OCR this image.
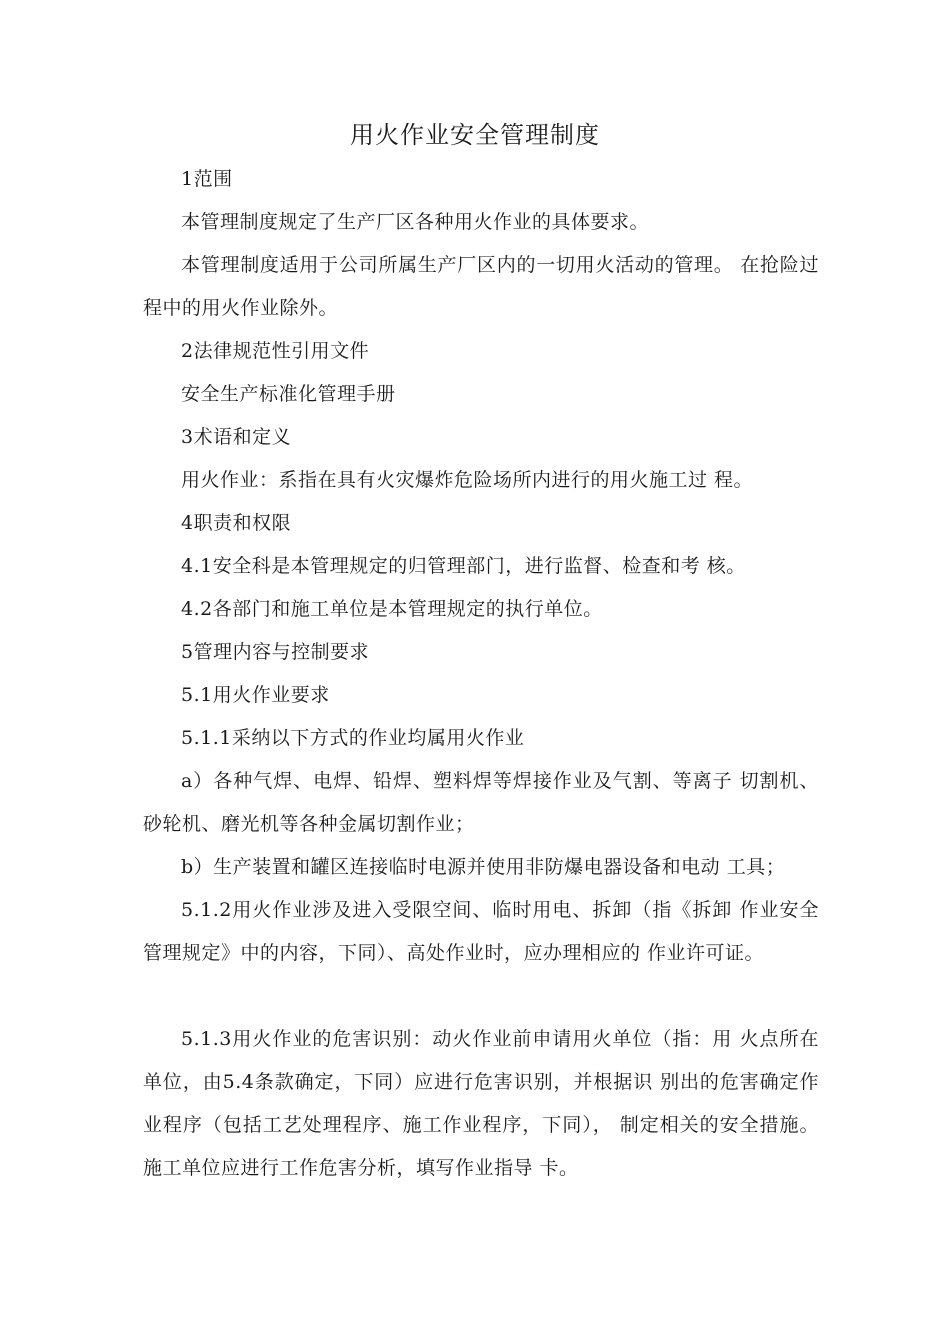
用火作业安全管理制度

1范围

本管理制度规定了生产厂区各种用火作业的具体要求。

本管理制度适用于公司所属生产厂区内的一切用火活动的管理。 在抢险过程中的用火作业除外。

2法律规范性引用文件

安全生产标准化管理手册

3术语和定义

用火作业：系指在具有火灾爆炸危险场所内进行的用火施工过 程。

4职责和权限

4.1安全科是本管理规定的归管理部门，进行监督、检查和考 核。

4.2各部门和施工单位是本管理规定的执行单位。

5管理内容与控制要求

5.1用火作业要求

5.1.1采纳以下方式的作业均属用火作业

a）各种气焊、电焊、铅焊、塑料焊等焊接作业及气割、等离子 切割机、砂轮机、磨光机等各种金属切割作业；

b）生产装置和罐区连接临时电源并使用非防爆电器设备和电动 工具；

5.1.2用火作业涉及进入受限空间、临时用电、拆卸（指《拆卸 作业安全管理规定》中的内容，下同）、高处作业时，应办理相应的 作业许可证。

5.1.3用火作业的危害识别：动火作业前申请用火单位（指：用 火点所在单位，由5.4条款确定，下同）应进行危害识别，并根据识 别出的危害确定作业程序（包括工艺处理程序、施工作业程序，下同）， 制定相关的安全措施。施工单位应进行工作危害分析，填写作业指导 卡。
